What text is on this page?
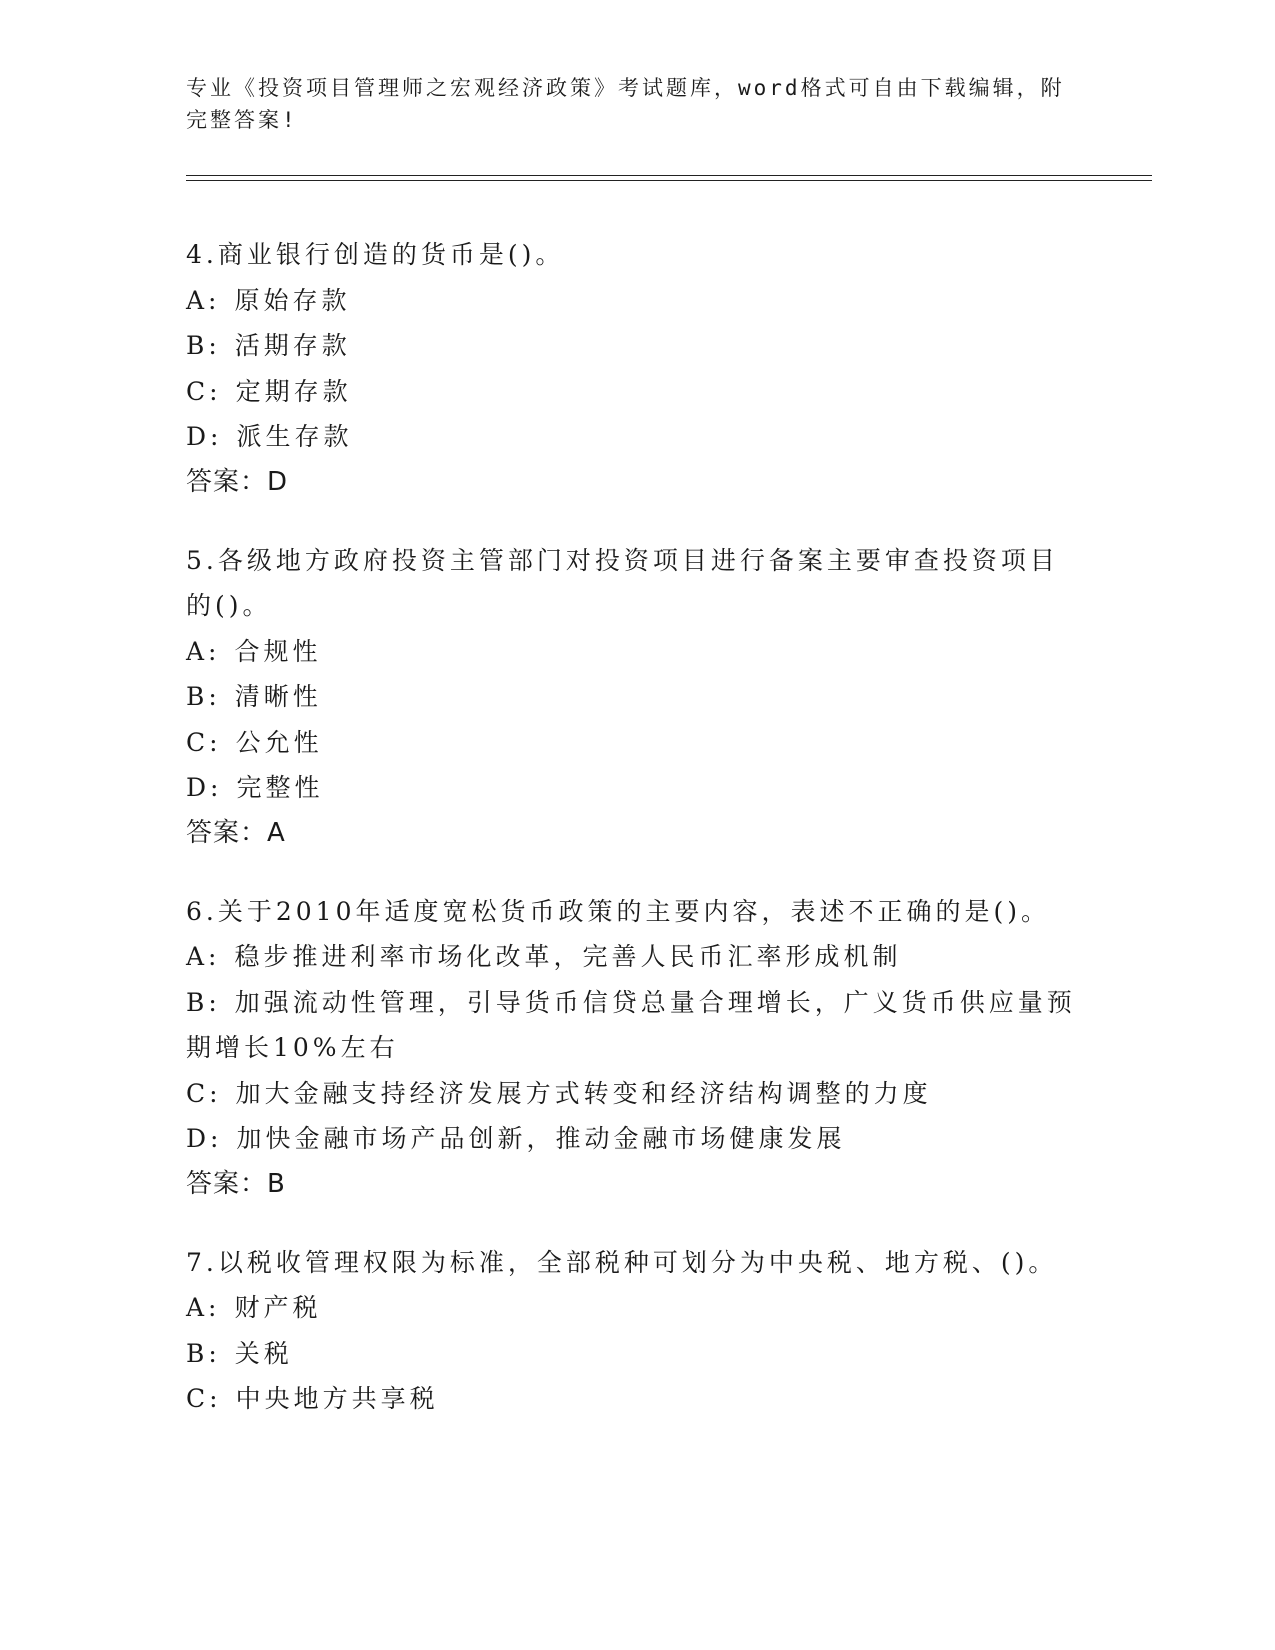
专业《投资项目管理师之宏观经济政策》考试题库，word格式可自由下载编辑，附完整答案!
4.商业银行创造的货币是()。
A: 原始存款
B: 活期存款
C: 定期存款
D: 派生存款
答案：D
5.各级地方政府投资主管部门对投资项目进行备案主要审查投资项目的()。
A: 合规性
B: 清晰性
C: 公允性
D: 完整性
答案：A
6.关于2010年适度宽松货币政策的主要内容，表述不正确的是()。
A: 稳步推进利率市场化改革，完善人民币汇率形成机制
B: 加强流动性管理，引导货币信贷总量合理增长，广义货币供应量预期增长10%左右
C: 加大金融支持经济发展方式转变和经济结构调整的力度
D: 加快金融市场产品创新，推动金融市场健康发展
答案：B
7.以税收管理权限为标准，全部税种可划分为中央税、地方税、()。
A: 财产税
B: 关税
C: 中央地方共享税
